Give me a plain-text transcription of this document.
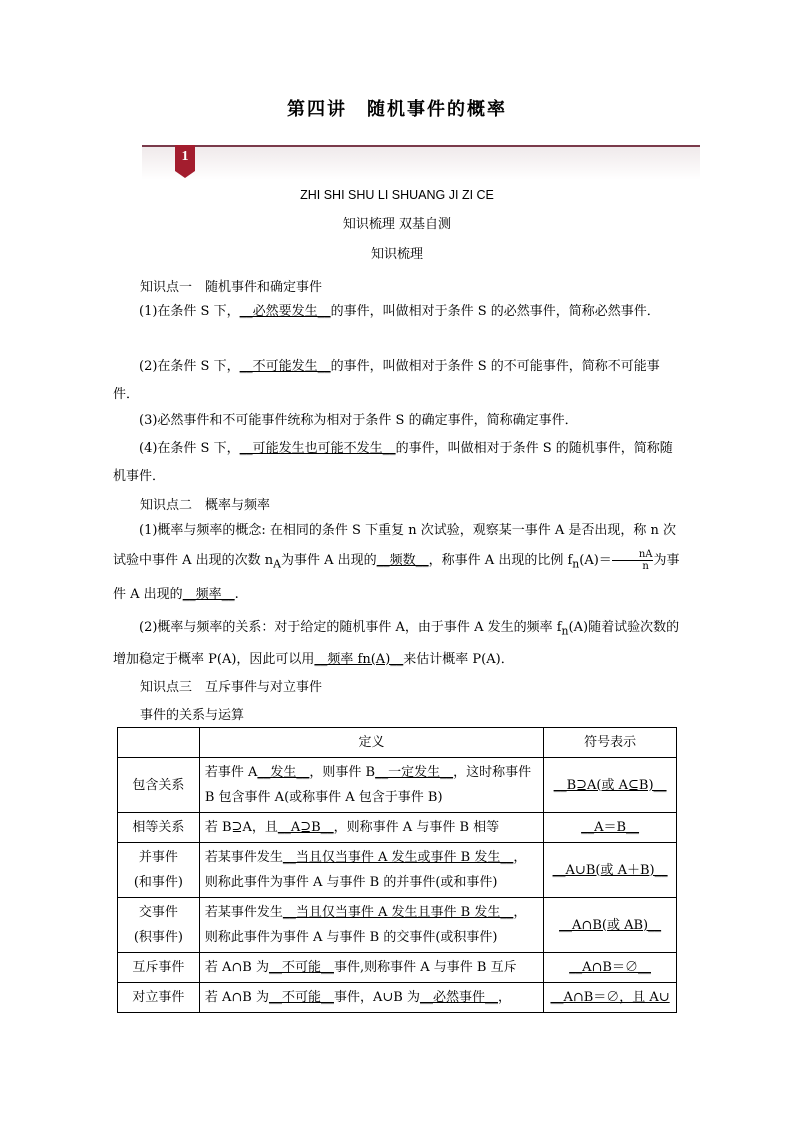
第四讲　随机事件的概率
1
ZHI SHI SHU LI SHUANG JI ZI CE
知识梳理 双基自测
知识梳理
知识点一　随机事件和确定事件
(1)在条件 S 下，__必然要发生__的事件，叫做相对于条件 S 的必然事件，简称必然事件．
(2)在条件 S 下，__不可能发生__的事件，叫做相对于条件 S 的不可能事件，简称不可能事件．
(3)必然事件和不可能事件统称为相对于条件 S 的确定事件，简称确定事件．
(4)在条件 S 下，__可能发生也可能不发生__的事件，叫做相对于条件 S 的随机事件，简称随机事件．
知识点二　概率与频率
(1)概率与频率的概念: 在相同的条件 S 下重复 n 次试验，观察某一事件 A 是否出现，称 n 次试验中事件 A 出现的次数 $n_A$为事件 A 出现的__频数__，称事件 A 出现的比例 $f_n(A)= \frac{nA}{n}$ 为事件 A 出现的__频率__.
(2)概率与频率的关系：对于给定的随机事件 A，由于事件 A 发生的频率 $f_n(A)$随着试验次数的增加稳定于概率 P(A)，因此可以用__频率 fn(A)__来估计概率 P(A)．
知识点三　互斥事件与对立事件
事件的关系与运算
	定义	符号表示
包含关系	若事件 A__发生__，则事件 B__一定发生__，这时称事件 B 包含事件 A(或称事件 A 包含于事件 B)	__B⊇A(或 A⊆B)__
相等关系	若 B⊇A，且__A⊇B__，则称事件 A 与事件 B 相等	__A＝B__
并事件
(和事件)	若某事件发生__当且仅当事件 A 发生或事件 B 发生__，则称此事件为事件 A 与事件 B 的并事件(或和事件)	__A∪B(或 A＋B)__
交事件
(积事件)	若某事件发生__当且仅当事件 A 发生且事件 B 发生__，则称此事件为事件 A 与事件 B 的交事件(或积事件)	__A∩B(或 AB)__
互斥事件	若 A∩B 为__不可能__事件,则称事件 A 与事件 B 互斥	__A∩B＝∅__
对立事件	若 A∩B 为__不可能__事件，A∪B 为__必然事件__，	__A∩B＝∅，且 A∪
